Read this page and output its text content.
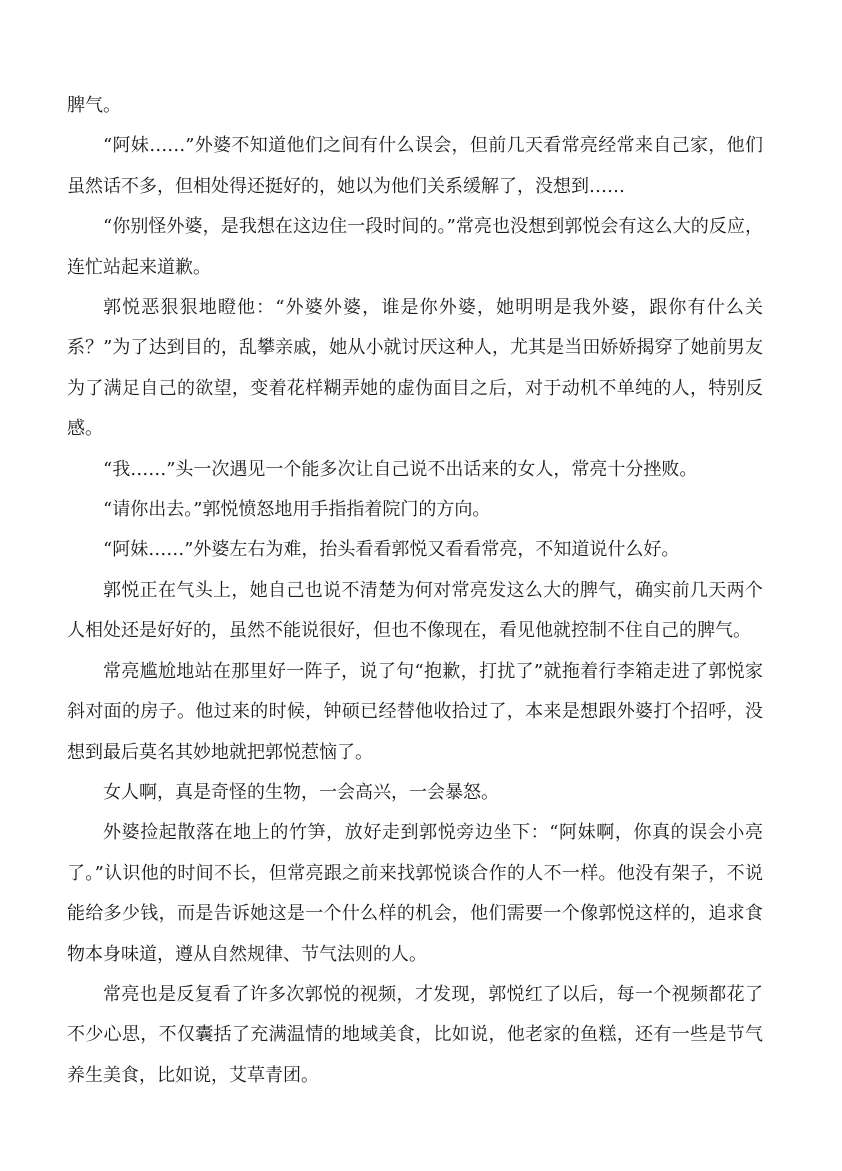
脾气。

“阿妹……”外婆不知道他们之间有什么误会，但前几天看常亮经常来自己家，他们虽然话不多，但相处得还挺好的，她以为他们关系缓解了，没想到……

“你别怪外婆，是我想在这边住一段时间的。”常亮也没想到郭悦会有这么大的反应，连忙站起来道歉。

郭悦恶狠狠地瞪他：“外婆外婆，谁是你外婆，她明明是我外婆，跟你有什么关系？”为了达到目的，乱攀亲戚，她从小就讨厌这种人，尤其是当田娇娇揭穿了她前男友为了满足自己的欲望，变着花样糊弄她的虚伪面目之后，对于动机不单纯的人，特别反感。

“我……”头一次遇见一个能多次让自己说不出话来的女人，常亮十分挫败。

“请你出去。”郭悦愤怒地用手指指着院门的方向。

“阿妹……”外婆左右为难，抬头看看郭悦又看看常亮，不知道说什么好。

郭悦正在气头上，她自己也说不清楚为何对常亮发这么大的脾气，确实前几天两个人相处还是好好的，虽然不能说很好，但也不像现在，看见他就控制不住自己的脾气。

常亮尴尬地站在那里好一阵子，说了句“抱歉，打扰了”就拖着行李箱走进了郭悦家斜对面的房子。他过来的时候，钟硕已经替他收拾过了，本来是想跟外婆打个招呼，没想到最后莫名其妙地就把郭悦惹恼了。

女人啊，真是奇怪的生物，一会高兴，一会暴怒。

外婆捡起散落在地上的竹笋，放好走到郭悦旁边坐下：“阿妹啊，你真的误会小亮了。”认识他的时间不长，但常亮跟之前来找郭悦谈合作的人不一样。他没有架子，不说能给多少钱，而是告诉她这是一个什么样的机会，他们需要一个像郭悦这样的，追求食物本身味道，遵从自然规律、节气法则的人。

常亮也是反复看了许多次郭悦的视频，才发现，郭悦红了以后，每一个视频都花了不少心思，不仅囊括了充满温情的地域美食，比如说，他老家的鱼糕，还有一些是节气养生美食，比如说，艾草青团。
